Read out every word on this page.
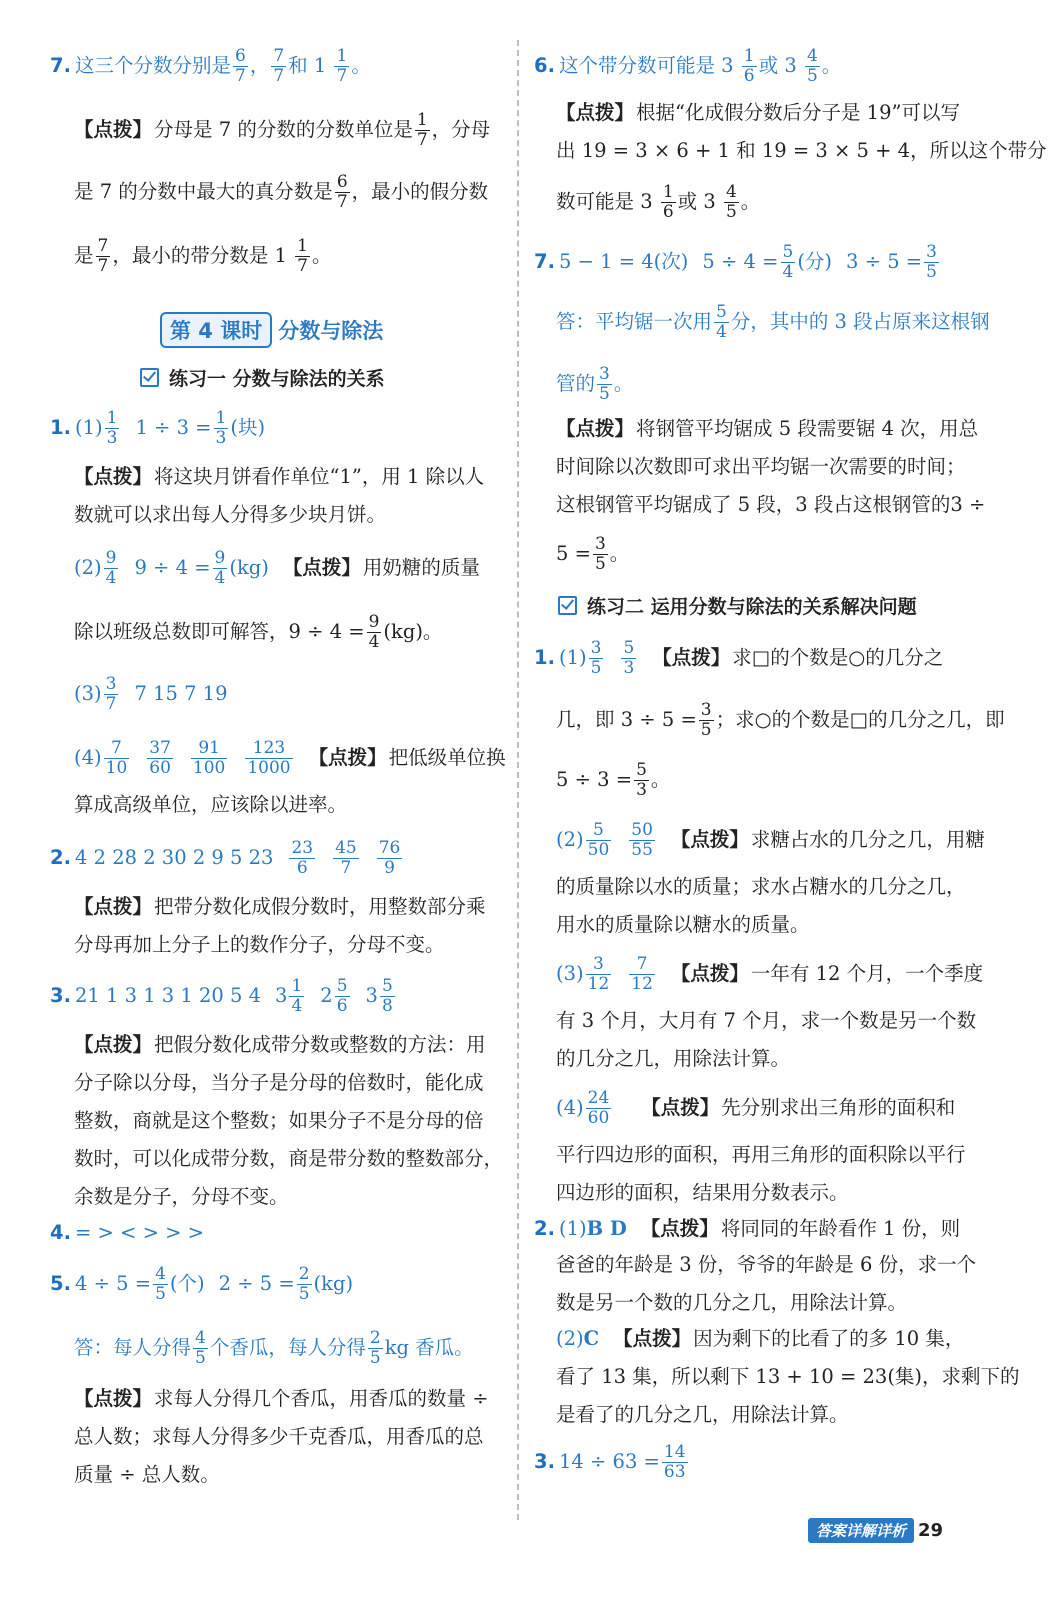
7. 这三个分数分别是 $\frac{6}{7}$ ， $\frac{7}{7}$ 和 $1 \frac{1}{7}$ 。
【点拨】 分母是 7 的分数的分数单位是 $\frac{1}{7}$ ，分母
是 7 的分数中最大的真分数是 $\frac{6}{7}$ ，最小的假分数
是 $\frac{7}{7}$ ，最小的带分数是 $1 \frac{1}{7}$ 。
第 4 课时 分数与除法
练习一 分数与除法的关系
1. $(1) \frac{1}{3} 1 \div 3 = \frac{1}{3}$ (块)
【点拨】 将这块月饼看作单位“1”，用 1 除以人
数就可以求出每人分得多少块月饼。
$(2) \frac{9}{4} 9 \div 4 = \frac{9}{4} (kg)$ 【点拨】 用奶糖的质量
除以班级总数即可解答，$9 \div 4 = \frac{9}{4} (kg)$。
$(3) \frac{3}{7} 7$ 15 7 19
$(4) \frac{7}{10} \frac{37}{60} \frac{91}{100} \frac{123}{1000}$ 【点拨】 把低级单位换
算成高级单位，应该除以进率。
2. 4 2 28 2 30 2 9 5 $23 \frac{23}{6} \frac{45}{7} \frac{76}{9}$
【点拨】 把带分数化成假分数时，用整数部分乘
分母再加上分子上的数作分子，分母不变。
3. 21 1 3 1 3 1 20 5 4 $3 \frac{1}{4} 2 \frac{5}{6} 3 \frac{5}{8}$
【点拨】 把假分数化成带分数或整数的方法：用
分子除以分母，当分子是分母的倍数时，能化成
整数，商就是这个整数；如果分子不是分母的倍
数时，可以化成带分数，商是带分数的整数部分，
余数是分子，分母不变。
4. = > < > > >
5. $4 \div 5 = \frac{4}{5}$ (个) $2 \div 5 = \frac{2}{5} (kg)$
答：每人分得 $\frac{4}{5}$ 个香瓜，每人分得 $\frac{2}{5}$ kg 香瓜。
【点拨】 求每人分得几个香瓜，用香瓜的数量 ÷
总人数；求每人分得多少千克香瓜，用香瓜的总
质量 ÷ 总人数。
6. 这个带分数可能是 $3 \frac{1}{6}$ 或 $3 \frac{4}{5}$ 。
【点拨】 根据“化成假分数后分子是 19”可以写
出 19 = 3 × 6 + 1 和 19 = 3 × 5 + 4，所以这个带分
数可能是 $3 \frac{1}{6}$ 或 $3 \frac{4}{5}$ 。
7. 5 − 1 = 4(次) $5 \div 4 = \frac{5}{4}$ (分) $3 \div 5 = \frac{3}{5}$
答：平均锯一次用 $\frac{5}{4}$ 分，其中的 3 段占原来这根钢
管的 $\frac{3}{5}$ 。
【点拨】 将钢管平均锯成 5 段需要锯 4 次，用总
时间除以次数即可求出平均锯一次需要的时间；
这根钢管平均锯成了 5 段，3 段占这根钢管的3 ÷
$5 = \frac{3}{5}$ 。
练习二 运用分数与除法的关系解决问题
1. $(1) \frac{3}{5} \frac{5}{3}$ 【点拨】 求□的个数是○的几分之
几，即 $3 \div 5 = \frac{3}{5}$ ；求○的个数是□的几分之几，即
$5 \div 3 = \frac{5}{3}$ 。
$(2) \frac{5}{50} \frac{50}{55}$ 【点拨】 求糖占水的几分之几，用糖
的质量除以水的质量；求水占糖水的几分之几，
用水的质量除以糖水的质量。
$(3) \frac{3}{12} \frac{7}{12}$ 【点拨】 一年有 12 个月，一个季度
有 3 个月，大月有 7 个月，求一个数是另一个数
的几分之几，用除法计算。
$(4) \frac{24}{60}$ 【点拨】 先分别求出三角形的面积和
平行四边形的面积，再用三角形的面积除以平行
四边形的面积，结果用分数表示。
2. (1)B D 【点拨】 将同同的年龄看作 1 份，则
爸爸的年龄是 3 份，爷爷的年龄是 6 份，求一个
数是另一个数的几分之几，用除法计算。
(2)C 【点拨】 因为剩下的比看了的多 10 集，
看了 13 集，所以剩下 13 + 10 = 23(集)，求剩下的
是看了的几分之几，用除法计算。
3. $14 \div 63 = \frac{14}{63}$
答案详解详析 29
